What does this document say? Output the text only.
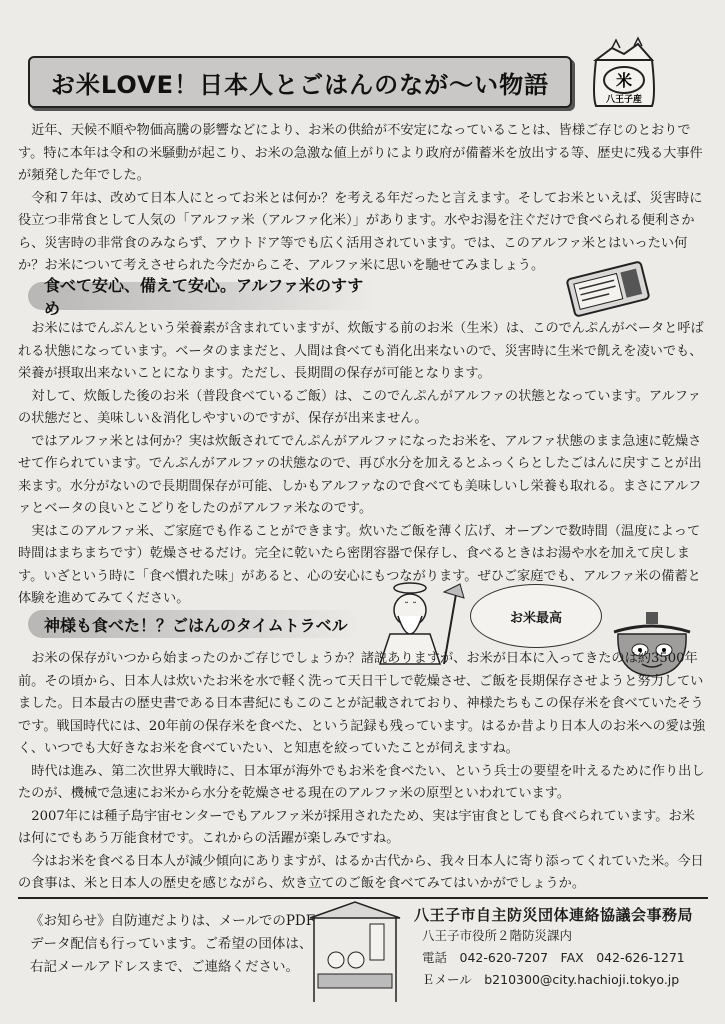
お米LOVE！日本人とごはんのなが～い物語	米
八王子産

近年、天候不順や物価高騰の影響などにより、お米の供給が不安定になっていることは、皆様ご存じのとおりです。特に本年は令和の米騒動が起こり、お米の急激な値上がりにより政府が備蓄米を放出する等、歴史に残る大事件が頻発した年でした。

令和７年は、改めて日本人にとってお米とは何か？を考える年だったと言えます。そしてお米といえば、災害時に役立つ非常食として人気の「アルファ米（アルファ化米）」があります。水やお湯を注ぐだけで食べられる便利さから、災害時の非常食のみならず、アウトドア等でも広く活用されています。では、このアルファ米とはいったい何か？お米について考えさせられた今だからこそ、アルファ米に思いを馳せてみましょう。

食べて安心、備えて安心。アルファ米のすすめ

お米にはでんぷんという栄養素が含まれていますが、炊飯する前のお米（生米）は、このでんぷんがベータと呼ばれる状態になっています。ベータのままだと、人間は食べても消化出来ないので、災害時に生米で飢えを凌いでも、栄養が摂取出来ないことになります。ただし、長期間の保存が可能となります。

対して、炊飯した後のお米（普段食べているご飯）は、このでんぷんがアルファの状態となっています。アルファの状態だと、美味しい＆消化しやすいのですが、保存が出来ません。

ではアルファ米とは何か？実は炊飯されてでんぷんがアルファになったお米を、アルファ状態のまま急速に乾燥させて作られています。でんぷんがアルファの状態なので、再び水分を加えるとふっくらとしたごはんに戻すことが出来ます。水分がないので長期間保存が可能、しかもアルファなので食べても美味しいし栄養も取れる。まさにアルファとベータの良いとこどりをしたのがアルファ米なのです。

実はこのアルファ米、ご家庭でも作ることができます。炊いたご飯を薄く広げ、オーブンで数時間（温度によって時間はまちまちです）乾燥させるだけ。完全に乾いたら密閉容器で保存し、食べるときはお湯や水を加えて戻します。いざという時に「食べ慣れた味」があると、心の安心にもつながります。ぜひご家庭でも、アルファ米の備蓄と体験を進めてみてください。

神様も食べた！？ごはんのタイムトラベル
˘ ˘
お米最高

お米の保存がいつから始まったのかご存じでしょうか？諸説ありますが、お米が日本に入ってきたのは約3500年前。その頃から、日本人は炊いたお米を水で軽く洗って天日干しで乾燥させ、ご飯を長期保存させようと努力していました。日本最古の歴史書である日本書紀にもこのことが記載されており、神様たちもこの保存米を食べていたそうです。戦国時代には、20年前の保存米を食べた、という記録も残っています。はるか昔より日本人のお米への愛は強く、いつでも大好きなお米を食べていたい、と知恵を絞っていたことが伺えますね。

時代は進み、第二次世界大戦時に、日本軍が海外でもお米を食べたい、という兵士の要望を叶えるために作り出したのが、機械で急速にお米から水分を乾燥させる現在のアルファ米の原型といわれています。

2007年には種子島宇宙センターでもアルファ米が採用されたため、実は宇宙食としても食べられています。お米は何にでもあう万能食材です。これからの活躍が楽しみですね。

今はお米を食べる日本人が減少傾向にありますが、はるか古代から、我々日本人に寄り添ってくれていた米。今日の食事は、米と日本人の歴史を感じながら、炊き立てのご飯を食べてみてはいかがでしょうか。

《お知らせ》自防連だよりは、メールでのPDF
データ配信も行っています。ご希望の団体は、
右記メールアドレスまで、ご連絡ください。
八王子市自主防災団体連絡協議会事務局
八王子市役所２階防災課内
電話　042-620-7207　FAX　042-626-1271
Ｅメール　b210300@city.hachioji.tokyo.jp
